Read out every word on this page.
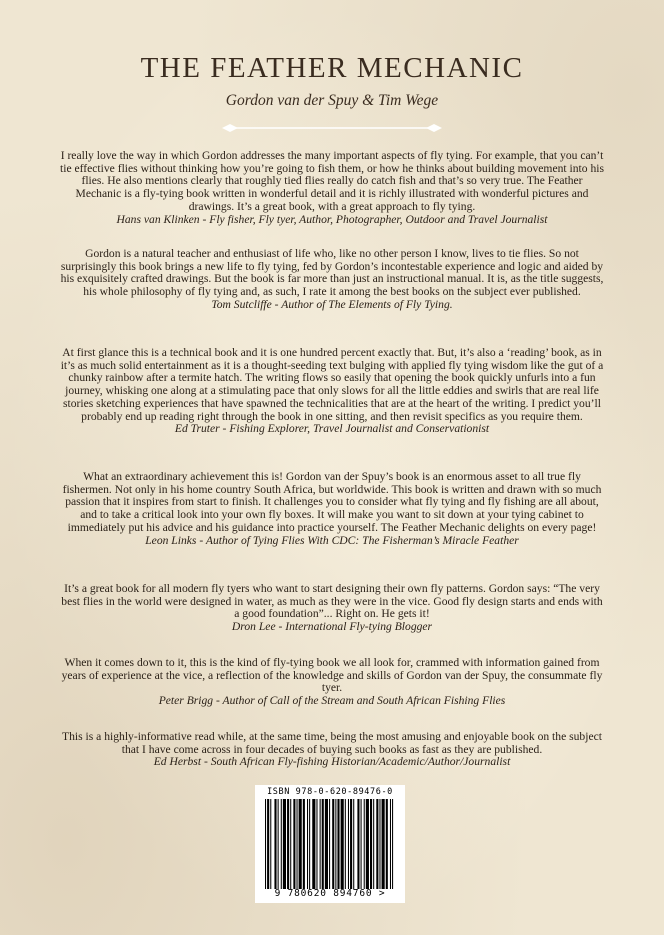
THE FEATHER MECHANIC
Gordon van der Spuy & Tim Wege
I really love the way in which Gordon addresses the many important aspects of fly tying. For example, that you can’t tie effective flies without thinking how you’re going to fish them, or how he thinks about building movement into his flies. He also mentions clearly that roughly tied flies really do catch fish and that’s so very true. The Feather Mechanic is a fly-tying book written in wonderful detail and it is richly illustrated with wonderful pictures and drawings. It’s a great book, with a great approach to fly tying.
Hans van Klinken - Fly fisher, Fly tyer, Author, Photographer, Outdoor and Travel Journalist
Gordon is a natural teacher and enthusiast of life who, like no other person I know, lives to tie flies. So not surprisingly this book brings a new life to fly tying, fed by Gordon’s incontestable experience and logic and aided by his exquisitely crafted drawings. But the book is far more than just an instructional manual. It is, as the title suggests, his whole philosophy of fly tying and, as such, I rate it among the best books on the subject ever published.
Tom Sutcliffe - Author of The Elements of Fly Tying.
At first glance this is a technical book and it is one hundred percent exactly that. But, it’s also a ‘reading’ book, as in it’s as much solid entertainment as it is a thought-seeding text bulging with applied fly tying wisdom like the gut of a chunky rainbow after a termite hatch. The writing flows so easily that opening the book quickly unfurls into a fun journey, whisking one along at a stimulating pace that only slows for all the little eddies and swirls that are real life stories sketching experiences that have spawned the technicalities that are at the heart of the writing. I predict you’ll probably end up reading right through the book in one sitting, and then revisit specifics as you require them.
Ed Truter - Fishing Explorer, Travel Journalist and Conservationist
What an extraordinary achievement this is! Gordon van der Spuy’s book is an enormous asset to all true fly fishermen. Not only in his home country South Africa, but worldwide. This book is written and drawn with so much passion that it inspires from start to finish. It challenges you to consider what fly tying and fly fishing are all about, and to take a critical look into your own fly boxes. It will make you want to sit down at your tying cabinet to immediately put his advice and his guidance into practice yourself. The Feather Mechanic delights on every page!
Leon Links - Author of Tying Flies With CDC: The Fisherman’s Miracle Feather
It’s a great book for all modern fly tyers who want to start designing their own fly patterns. Gordon says: “The very best flies in the world were designed in water, as much as they were in the vice. Good fly design starts and ends with a good foundation”... Right on. He gets it!
Dron Lee - International Fly-tying Blogger
When it comes down to it, this is the kind of fly-tying book we all look for, crammed with information gained from years of experience at the vice, a reflection of the knowledge and skills of Gordon van der Spuy, the consummate fly tyer.
Peter Brigg - Author of Call of the Stream and South African Fishing Flies
This is a highly-informative read while, at the same time, being the most amusing and enjoyable book on the subject that I have come across in four decades of buying such books as fast as they are published.
Ed Herbst - South African Fly-fishing Historian/Academic/Author/Journalist
ISBN 978-0-620-89476-0
9 780620 894760 >
